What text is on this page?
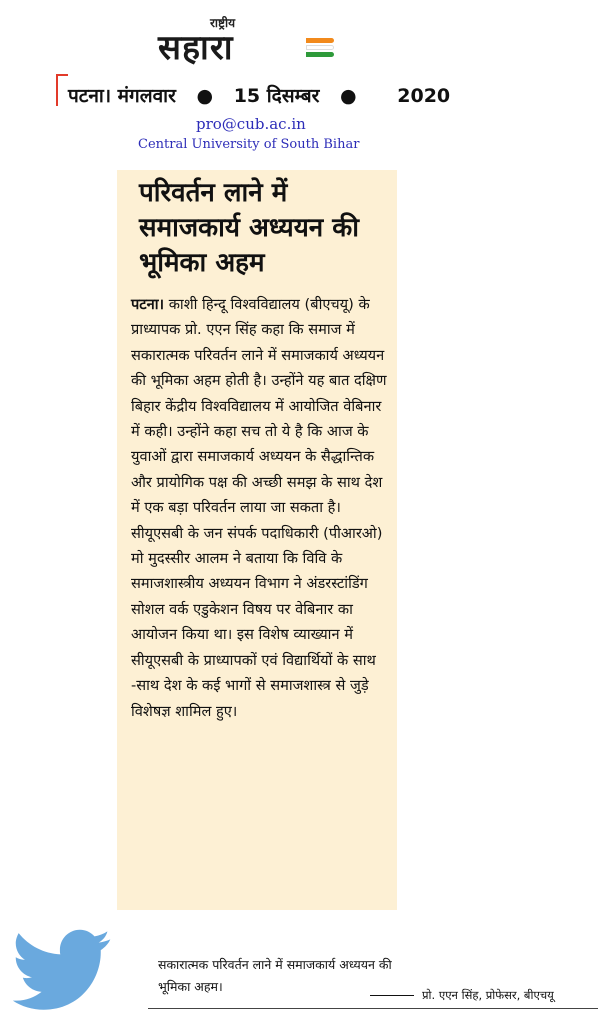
राष्ट्रीय
सहारा
पटना। मंगलवार ● 15 दिसम्बर ● 2020
pro@cub.ac.in
Central University of South Bihar
परिवर्तन लाने में समाजकार्य अध्ययन की भूमिका अहम
पटना। काशी हिन्दू विश्वविद्यालय (बीएचयू) के प्राध्यापक प्रो. एएन सिंह कहा कि समाज में सकारात्मक परिवर्तन लाने में समाजकार्य अध्ययन की भूमिका अहम होती है। उन्होंने यह बात दक्षिण बिहार केंद्रीय विश्वविद्यालय में आयोजित वेबिनार में कही। उन्होंने कहा सच तो ये है कि आज के युवाओं द्वारा समाजकार्य अध्ययन के सैद्धान्तिक और प्रायोगिक पक्ष की अच्छी समझ के साथ देश में एक बड़ा परिवर्तन लाया जा सकता है। सीयूएसबी के जन संपर्क पदाधिकारी (पीआरओ) मो मुदस्सीर आलम ने बताया कि विवि के समाजशास्त्रीय अध्ययन विभाग ने अंडरस्टांडिंग सोशल वर्क एडुकेशन विषय पर वेबिनार का आयोजन किया था। इस विशेष व्याख्यान में सीयूएसबी के प्राध्यापकों एवं विद्यार्थियों के साथ -साथ देश के कई भागों से समाजशास्त्र से जुड़े विशेषज्ञ शामिल हुए।
सकारात्मक परिवर्तन लाने में समाजकार्य अध्ययन की भूमिका अहम।
प्रो. एएन सिंह, प्रोफेसर, बीएचयू
